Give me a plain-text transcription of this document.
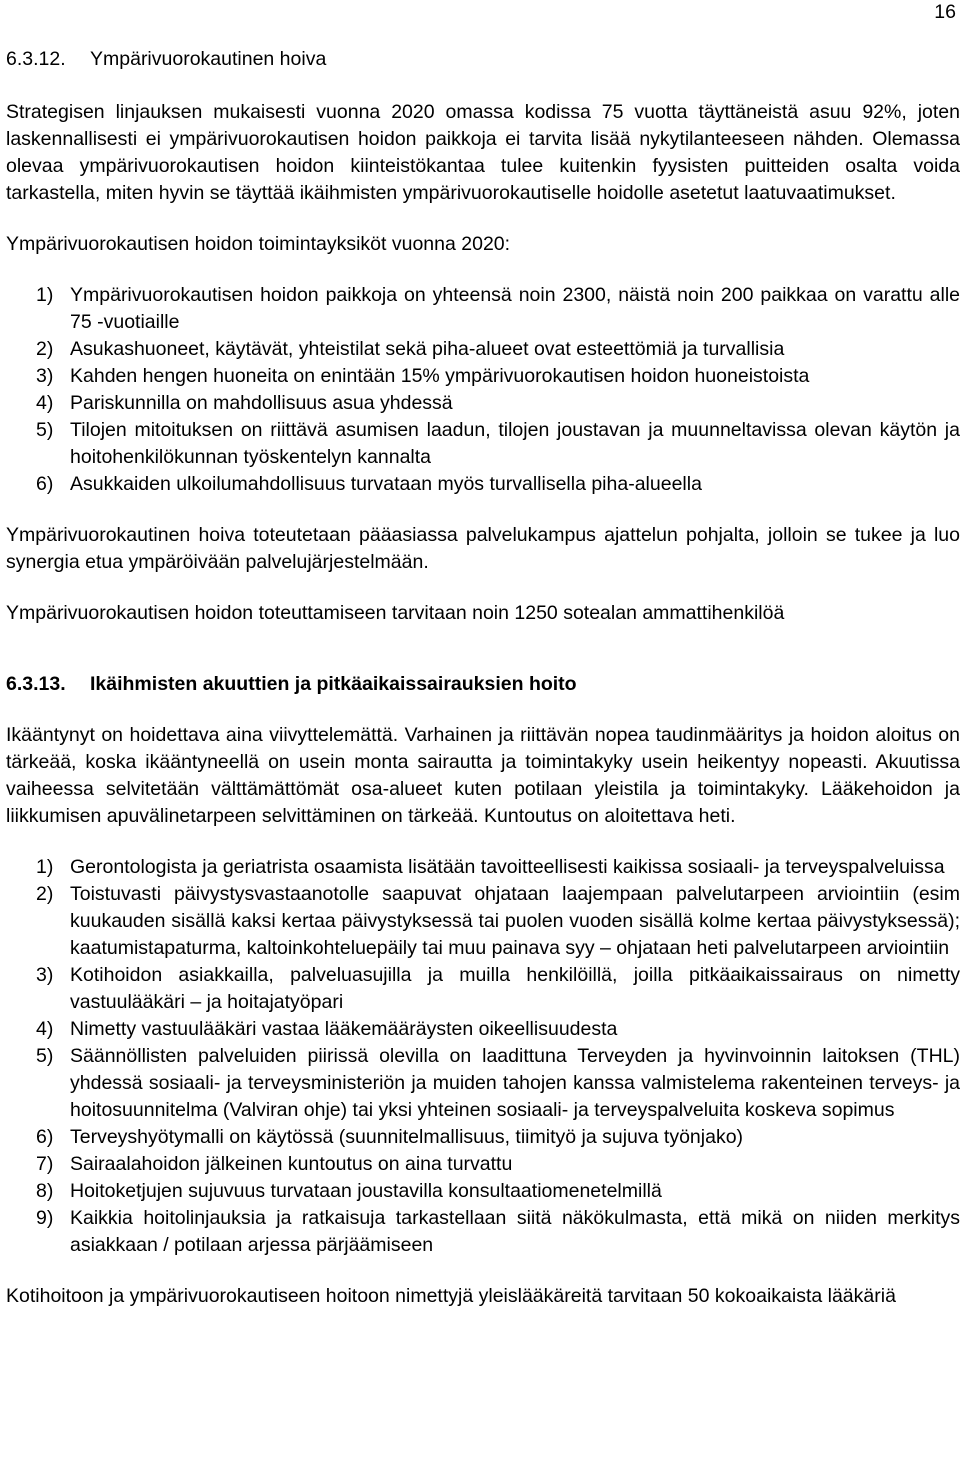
16
6.3.12. Ympärivuorokautinen hoiva

Strategisen linjauksen mukaisesti vuonna 2020 omassa kodissa 75 vuotta täyttäneistä asuu 92%, joten laskennallisesti ei ympärivuorokautisen hoidon paikkoja ei tarvita lisää nykytilanteeseen nähden. Olemassa olevaa ympärivuorokautisen hoidon kiinteistökantaa tulee kuitenkin fyysisten puitteiden osalta voida tarkastella, miten hyvin se täyttää ikäihmisten ympärivuorokautiselle hoidolle asetetut laatuvaatimukset.

Ympärivuorokautisen hoidon toimintayksiköt vuonna 2020:

1) Ympärivuorokautisen hoidon paikkoja on yhteensä noin 2300, näistä noin 200 paikkaa on varattu alle 75 -vuotiaille
2) Asukashuoneet, käytävät, yhteistilat sekä piha-alueet ovat esteettömiä ja turvallisia
3) Kahden hengen huoneita on enintään 15% ympärivuorokautisen hoidon huoneistoista
4) Pariskunnilla on mahdollisuus asua yhdessä
5) Tilojen mitoituksen on riittävä asumisen laadun, tilojen joustavan ja muunneltavissa olevan käytön ja hoitohenkilökunnan työskentelyn kannalta
6) Asukkaiden ulkoilumahdollisuus turvataan myös turvallisella piha-alueella

Ympärivuorokautinen hoiva toteutetaan pääasiassa palvelukampus ajattelun pohjalta, jolloin se tukee ja luo synergia etua ympäröivään palvelujärjestelmään.

Ympärivuorokautisen hoidon toteuttamiseen tarvitaan noin 1250 sotealan ammattihenkilöä

6.3.13. Ikäihmisten akuuttien ja pitkäaikaissairauksien hoito

Ikääntynyt on hoidettava aina viivyttelemättä. Varhainen ja riittävän nopea taudinmääritys ja hoidon aloitus on tärkeää, koska ikääntyneellä on usein monta sairautta ja toimintakyky usein heikentyy nopeasti. Akuutissa vaiheessa selvitetään välttämättömät osa-alueet kuten potilaan yleistila ja toimintakyky. Lääkehoidon ja liikkumisen apuvälinetarpeen selvittäminen on tärkeää. Kuntoutus on aloitettava heti.

1) Gerontologista ja geriatrista osaamista lisätään tavoitteellisesti kaikissa sosiaali- ja terveyspalveluissa
2) Toistuvasti päivystysvastaanotolle saapuvat ohjataan laajempaan palvelutarpeen arviointiin (esim kuukauden sisällä kaksi kertaa päivystyksessä tai puolen vuoden sisällä kolme kertaa päivystyksessä); kaatumistapaturma, kaltoinkohteluepäily tai muu painava syy – ohjataan heti palvelutarpeen arviointiin
3) Kotihoidon asiakkailla, palveluasujilla ja muilla henkilöillä, joilla pitkäaikaissairaus on nimetty vastuulääkäri – ja hoitajatyöpari
4) Nimetty vastuulääkäri vastaa lääkemääräysten oikeellisuudesta
5) Säännöllisten palveluiden piirissä olevilla on laadittuna Terveyden ja hyvinvoinnin laitoksen (THL) yhdessä sosiaali- ja terveysministeriön ja muiden tahojen kanssa valmistelema rakenteinen terveys- ja hoitosuunnitelma (Valviran ohje) tai yksi yhteinen sosiaali- ja terveyspalveluita koskeva sopimus
6) Terveyshyötymalli on käytössä (suunnitelmallisuus, tiimityö ja sujuva työnjako)
7) Sairaalahoidon jälkeinen kuntoutus on aina turvattu
8) Hoitoketjujen sujuvuus turvataan joustavilla konsultaatiomenetelmillä
9) Kaikkia hoitolinjauksia ja ratkaisuja tarkastellaan siitä näkökulmasta, että mikä on niiden merkitys asiakkaan / potilaan arjessa pärjäämiseen

Kotihoitoon ja ympärivuorokautiseen hoitoon nimettyjä yleislääkäreitä tarvitaan 50 kokoaikaista lääkäriä
